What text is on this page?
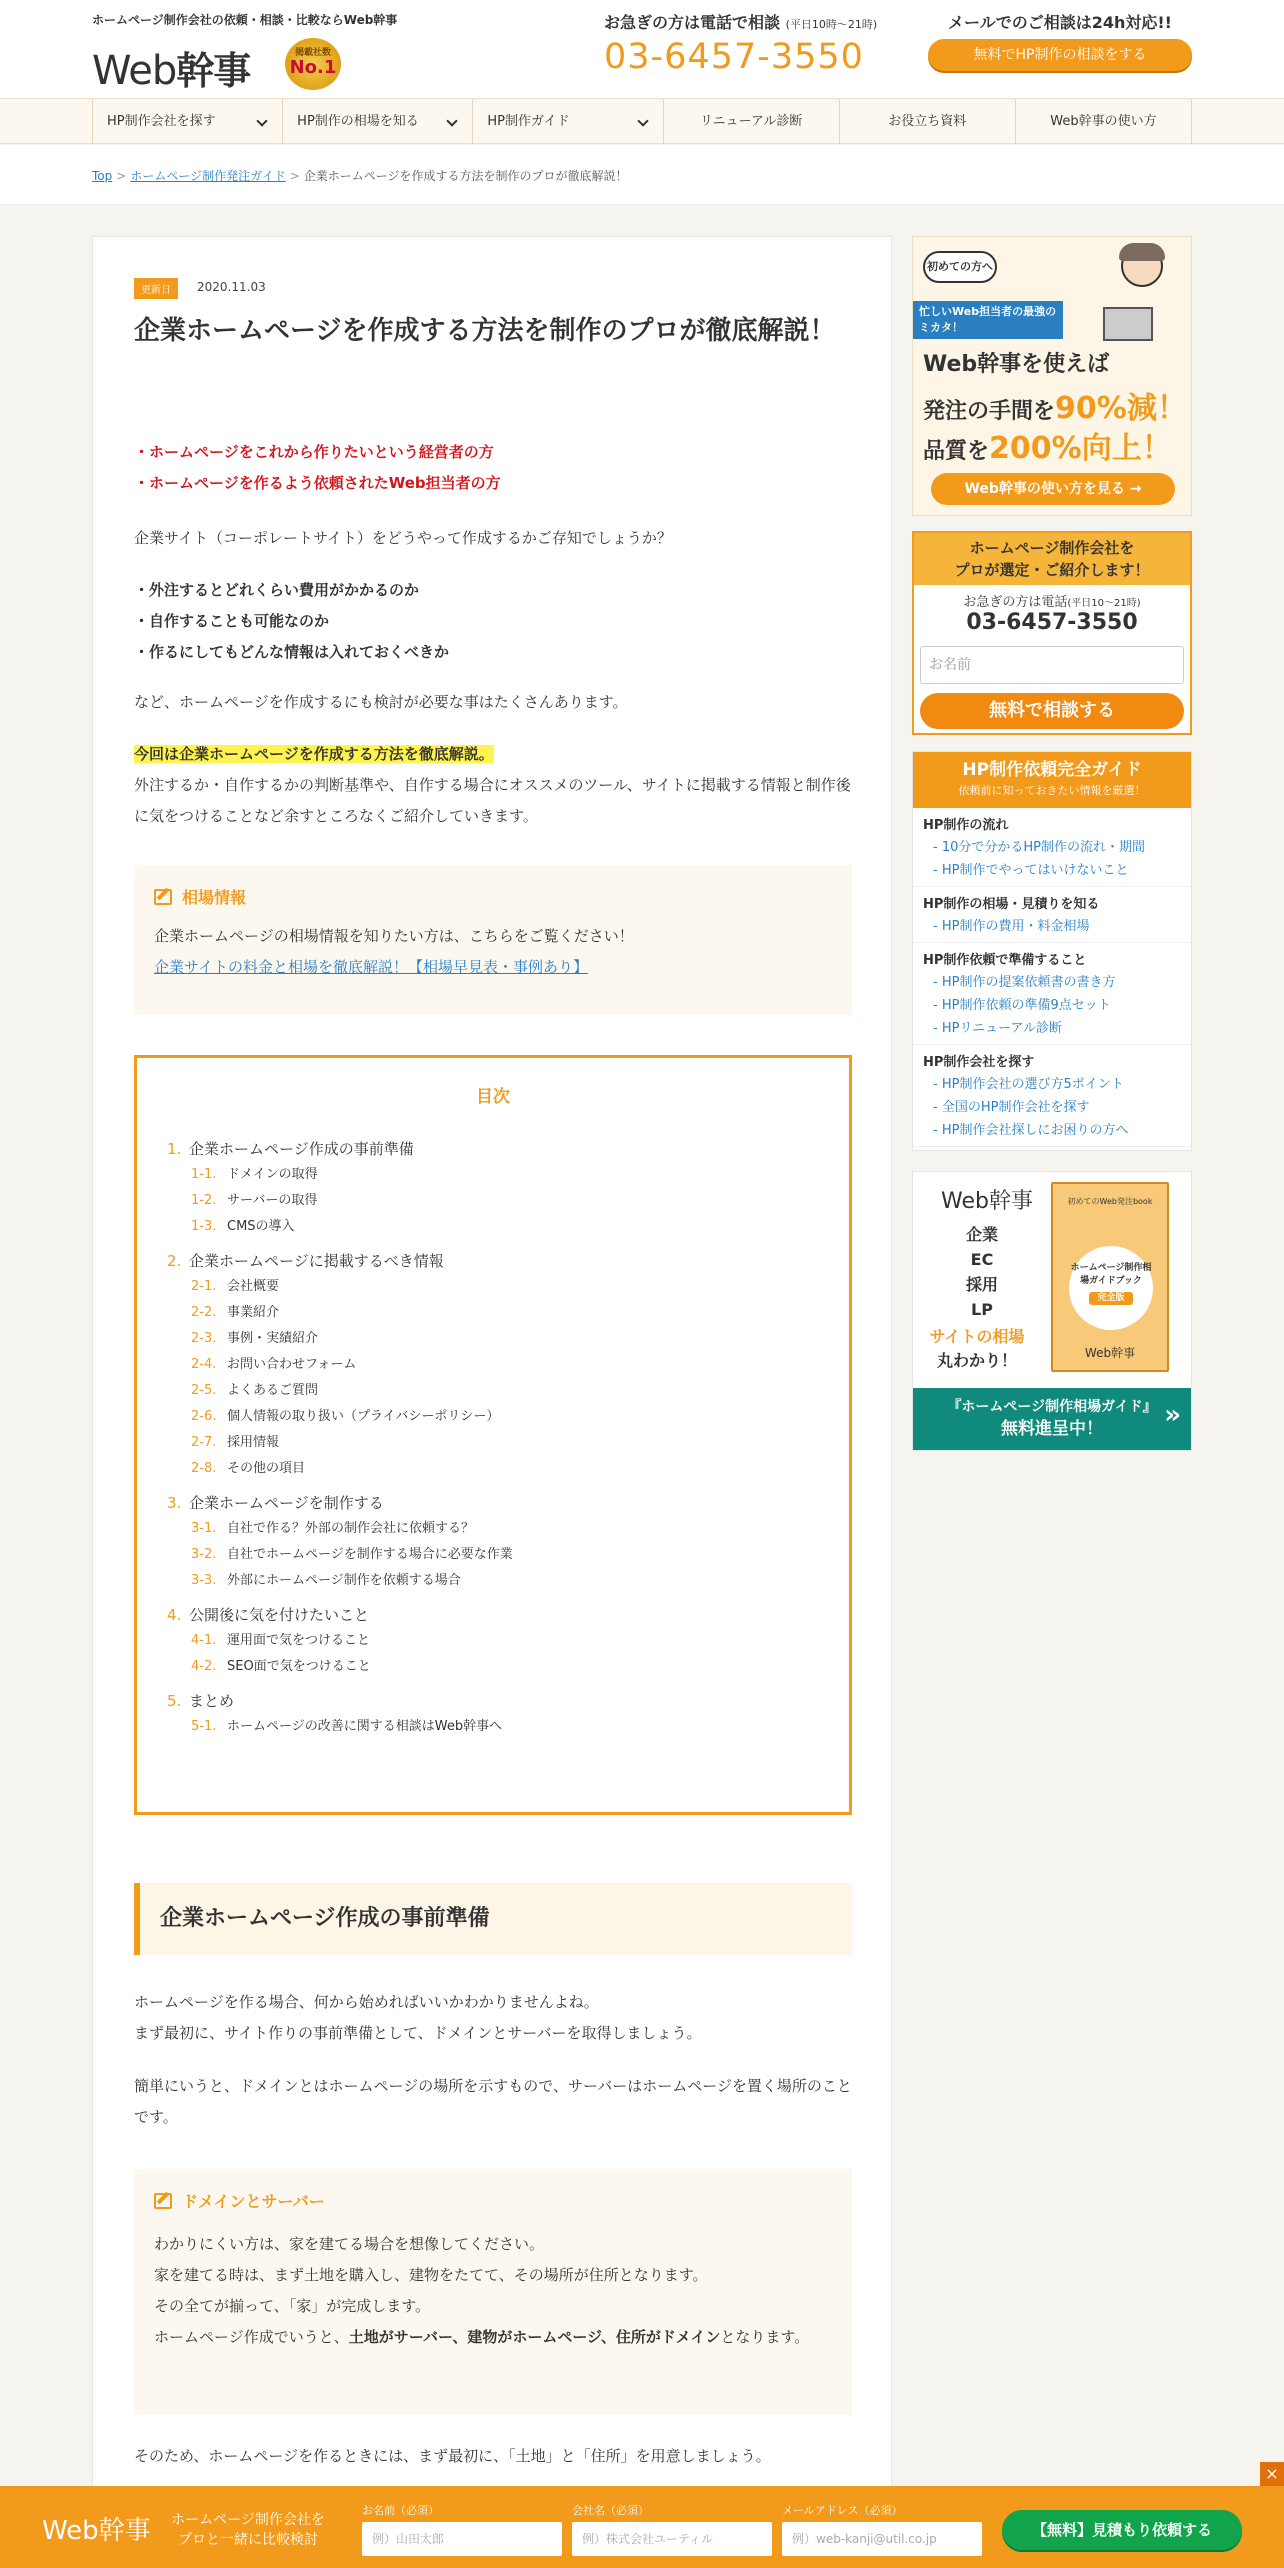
ホームページ制作会社の依頼・相談・比較ならWeb幹事
Web幹事	掲載社数
No.1
お急ぎの方は電話で相談 (平日10時〜21時)
03-6457-3550
メールでのご相談は24h対応!!
無料でHP制作の相談をする
HP制作会社を探す	HP制作の相場を知る	HP制作ガイド	リニューアル診断	お役立ち資料	Web幹事の使い方
Top > ホームページ制作発注ガイド > 企業ホームページを作成する方法を制作のプロが徹底解説！
更新日	2020.11.03
企業ホームページを作成する方法を制作のプロが徹底解説！
・ホームページをこれから作りたいという経営者の方
・ホームページを作るよう依頼されたWeb担当者の方
企業サイト（コーポレートサイト）をどうやって作成するかご存知でしょうか？
・外注するとどれくらい費用がかかるのか
・自作することも可能なのか
・作るにしてもどんな情報は入れておくべきか
など、ホームページを作成するにも検討が必要な事はたくさんあります。
今回は企業ホームページを作成する方法を徹底解説。
外注するか・自作するかの判断基準や、自作する場合にオススメのツール、サイトに掲載する情報と制作後に気をつけることなど余すところなくご紹介していきます。
相場情報

企業ホームページの相場情報を知りたい方は、こちらをご覧ください！

企業サイトの料金と相場を徹底解説！【相場早見表・事例あり】

目次
1. 企業ホームページ作成の事前準備
1-1. ドメインの取得
1-2. サーバーの取得
1-3. CMSの導入
2. 企業ホームページに掲載するべき情報
2-1. 会社概要
2-2. 事業紹介
2-3. 事例・実績紹介
2-4. お問い合わせフォーム
2-5. よくあるご質問
2-6. 個人情報の取り扱い（プライバシーポリシー）
2-7. 採用情報
2-8. その他の項目
3. 企業ホームページを制作する
3-1. 自社で作る？外部の制作会社に依頼する？
3-2. 自社でホームページを制作する場合に必要な作業
3-3. 外部にホームページ制作を依頼する場合
4. 公開後に気を付けたいこと
4-1. 運用面で気をつけること
4-2. SEO面で気をつけること
5. まとめ
5-1. ホームページの改善に関する相談はWeb幹事へ
企業ホームページ作成の事前準備
ホームページを作る場合、何から始めればいいかわかりませんよね。
まず最初に、サイト作りの事前準備として、ドメインとサーバーを取得しましょう。
簡単にいうと、ドメインとはホームページの場所を示すもので、サーバーはホームページを置く場所のことです。
ドメインとサーバー

わかりにくい方は、家を建てる場合を想像してください。

家を建てる時は、まず土地を購入し、建物をたてて、その場所が住所となります。

その全てが揃って、「家」が完成します。

ホームページ作成でいうと、土地がサーバー、建物がホームページ、住所がドメインとなります。

そのため、ホームページを作るときには、まず最初に、「土地」と「住所」を用意しましょう。
初めての方へ
忙しいWeb担当者の最強のミカタ！
Web幹事を使えば
発注の手間を90%減！
品質を200%向上！
Web幹事の使い方を見る →
ホームページ制作会社を
プロが選定・ご紹介します！
お急ぎの方は電話(平日10〜21時)
03-6457-3550
お名前
無料で相談する
HP制作依頼完全ガイド
依頼前に知っておきたい情報を厳選！
HP制作の流れ
- 10分で分かるHP制作の流れ・期間
- HP制作でやってはいけないこと
HP制作の相場・見積りを知る
- HP制作の費用・料金相場
HP制作依頼で準備すること
- HP制作の提案依頼書の書き方
- HP制作依頼の準備9点セット
- HPリニューアル診断
HP制作会社を探す
- HP制作会社の選び方5ポイント
- 全国のHP制作会社を探す
- HP制作会社探しにお困りの方へ
Web幹事
企業
EC
採用
LP
サイトの相場
丸わかり！
初めてのWeb発注book
ホームページ制作相場ガイドブック
完全版
Web幹事
『ホームページ制作相場ガイド』
無料進呈中！	»
×
Web幹事 ホームページ制作会社を
プロと一緒に比較検討
お名前（必須）
例）山田太郎
会社名（必須）
例）株式会社ユーティル
メールアドレス（必須）
例）web-kanji@util.co.jp	【無料】見積もり依頼する
